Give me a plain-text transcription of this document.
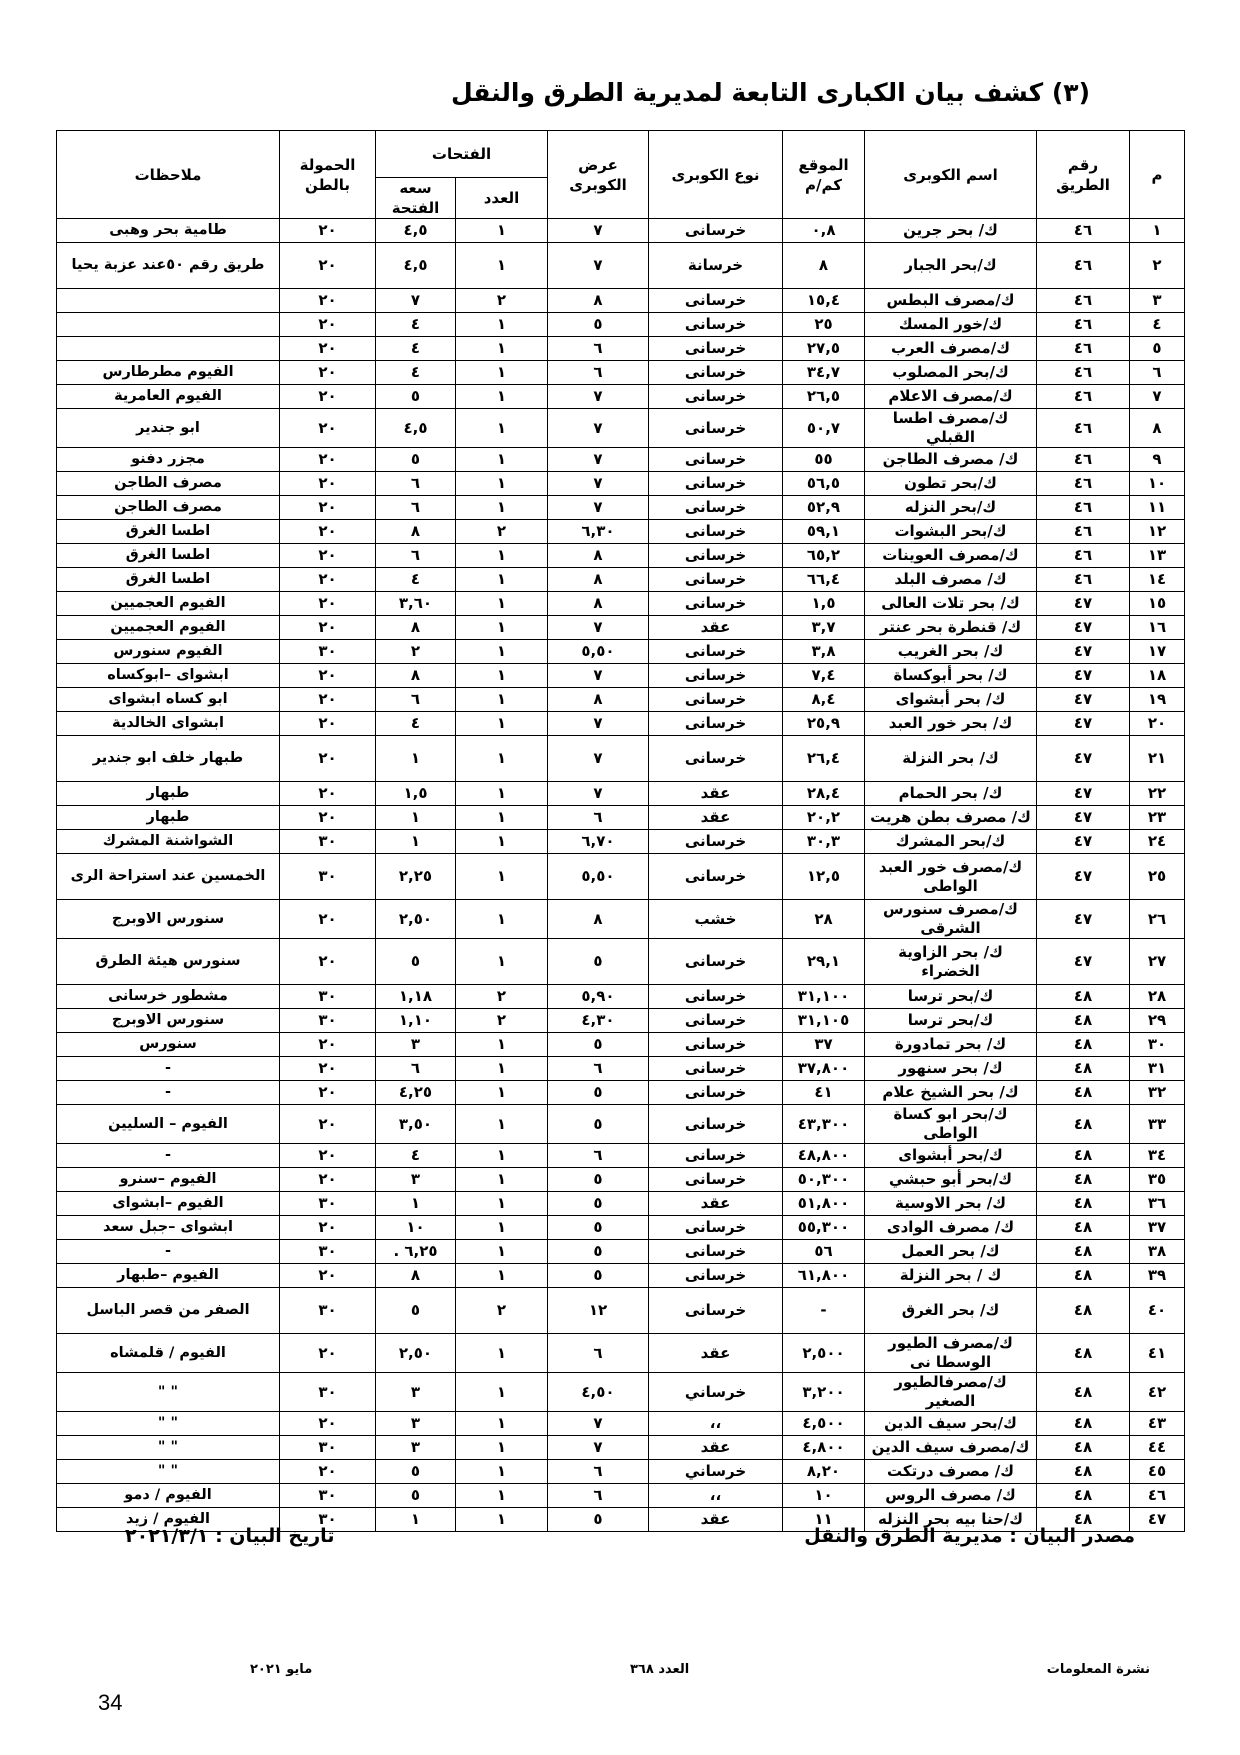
(٣) كشف بيان الكبارى التابعة لمديرية الطرق والنقل
م	رقم الطريق	اسم الكوبرى	الموقع كم/م	نوع الكوبرى	عرض الكوبرى	الفتحات		الحمولة بالطن	ملاحظات
						العدد	سعه الفتحة		
١	٤٦	ك/ بحر جرين	٠,٨	خرسانى	٧	١	٤,٥	٢٠	طامية بحر وهبى
٢	٤٦	ك/بحر الجبار	٨	خرسانة	٧	١	٤,٥	٢٠	طريق رقم ٥٠عند عزبة يحيا
٣	٤٦	ك/مصرف البطس	١٥,٤	خرسانى	٨	٢	٧	٢٠	
٤	٤٦	ك/خور المسك	٢٥	خرسانى	٥	١	٤	٢٠	
٥	٤٦	ك/مصرف العرب	٢٧,٥	خرسانى	٦	١	٤	٢٠	
٦	٤٦	ك/بحر المصلوب	٣٤,٧	خرسانى	٦	١	٤	٢٠	الفيوم مطرطارس
٧	٤٦	ك/مصرف الاعلام	٢٦,٥	خرسانى	٧	١	٥	٢٠	الفيوم العامرية
٨	٤٦	ك/مصرف اطسا القبلي	٥٠,٧	خرسانى	٧	١	٤,٥	٢٠	ابو جندير
٩	٤٦	ك/ مصرف الطاجن	٥٥	خرسانى	٧	١	٥	٢٠	مجزر دفنو
١٠	٤٦	ك/بحر تطون	٥٦,٥	خرسانى	٧	١	٦	٢٠	مصرف الطاجن
١١	٤٦	ك/بحر النزله	٥٢,٩	خرسانى	٧	١	٦	٢٠	مصرف الطاجن
١٢	٤٦	ك/بحر البشوات	٥٩,١	خرسانى	٦,٣٠	٢	٨	٢٠	اطسا الغرق
١٣	٤٦	ك/مصرف العوينات	٦٥,٢	خرسانى	٨	١	٦	٢٠	اطسا الغرق
١٤	٤٦	ك/ مصرف البلد	٦٦,٤	خرسانى	٨	١	٤	٢٠	اطسا الغرق
١٥	٤٧	ك/ بحر تلات العالى	١,٥	خرسانى	٨	١	٣,٦٠	٢٠	الفيوم العجميين
١٦	٤٧	ك/ قنطرة بحر عنتر	٣,٧	عقد	٧	١	٨	٢٠	الفيوم العجميين
١٧	٤٧	ك/ بحر الغريب	٣,٨	خرسانى	٥,٥٠	١	٢	٣٠	الفيوم سنورس
١٨	٤٧	ك/ بحر أبوكساة	٧,٤	خرسانى	٧	١	٨	٢٠	ابشواى –ابوكساه
١٩	٤٧	ك/ بحر أبشواى	٨,٤	خرسانى	٨	١	٦	٢٠	ابو كساه ابشواى
٢٠	٤٧	ك/ بحر خور العبد	٢٥,٩	خرسانى	٧	١	٤	٢٠	ابشواى الخالدية
٢١	٤٧	ك/ بحر النزلة	٢٦,٤	خرسانى	٧	١	١	٢٠	طبهار خلف ابو جندير
٢٢	٤٧	ك/ بحر الحمام	٢٨,٤	عقد	٧	١	١,٥	٢٠	طبهار
٢٣	٤٧	ك/ مصرف بطن هريت	٢٠,٢	عقد	٦	١	١	٢٠	طبهار
٢٤	٤٧	ك/بحر المشرك	٣٠,٣	خرسانى	٦,٧٠	١	١	٣٠	الشواشنة المشرك
٢٥	٤٧	ك/مصرف خور العبد الواطى	١٢,٥	خرسانى	٥,٥٠	١	٢,٢٥	٣٠	الخمسين عند استراحة الرى
٢٦	٤٧	ك/مصرف سنورس الشرقى	٢٨	خشب	٨	١	٢,٥٠	٢٠	سنورس الاوبرج
٢٧	٤٧	ك/ بحر الزاوية الخضراء	٢٩,١	خرسانى	٥	١	٥	٢٠	سنورس هيئة الطرق
٢٨	٤٨	ك/بحر ترسا	٣١,١٠٠	خرسانى	٥,٩٠	٢	١,١٨	٣٠	مشطور خرسانى
٢٩	٤٨	ك/بحر ترسا	٣١,١٠٥	خرسانى	٤,٣٠	٢	١,١٠	٣٠	سنورس الاوبرج
٣٠	٤٨	ك/ بحر تمادورة	٣٧	خرسانى	٥	١	٣	٢٠	سنورس
٣١	٤٨	ك/ بحر سنهور	٣٧,٨٠٠	خرسانى	٦	١	٦	٢٠	-
٣٢	٤٨	ك/ بحر الشيخ علام	٤١	خرسانى	٥	١	٤,٢٥	٢٠	-
٣٣	٤٨	ك/بحر ابو كساة الواطى	٤٣,٣٠٠	خرسانى	٥	١	٣,٥٠	٢٠	الفيوم – السليين
٣٤	٤٨	ك/بحر أبشواى	٤٨,٨٠٠	خرسانى	٦	١	٤	٢٠	-
٣٥	٤٨	ك/بحر أبو حبشي	٥٠,٣٠٠	خرسانى	٥	١	٣	٢٠	الفيوم –سنرو
٣٦	٤٨	ك/ بحر الاوسية	٥١,٨٠٠	عقد	٥	١	١	٣٠	الفيوم –ابشواى
٣٧	٤٨	ك/ مصرف الوادى	٥٥,٣٠٠	خرسانى	٥	١	١٠	٢٠	ابشواى –جبل سعد
٣٨	٤٨	ك/ بحر العمل	٥٦	خرسانى	٥	١	٦,٢٥ .	٣٠	-
٣٩	٤٨	ك / بحر النزلة	٦١,٨٠٠	خرسانى	٥	١	٨	٢٠	الفيوم –طبهار
٤٠	٤٨	ك/ بحر الغرق	-	خرسانى	١٢	٢	٥	٣٠	الصفر من قصر الباسل
٤١	٤٨	ك/مصرف الطيور الوسطا نى	٢,٥٠٠	عقد	٦	١	٢,٥٠	٢٠	الفيوم / قلمشاه
٤٢	٤٨	ك/مصرفالطيور الصغير	٣,٢٠٠	خرساني	٤,٥٠	١	٣	٣٠	" "
٤٣	٤٨	ك/بحر سيف الدين	٤,٥٠٠	،،	٧	١	٣	٢٠	" "
٤٤	٤٨	ك/مصرف سيف الدين	٤,٨٠٠	عقد	٧	١	٣	٣٠	" "
٤٥	٤٨	ك/ مصرف درتكت	٨,٢٠	خرساني	٦	١	٥	٢٠	" "
٤٦	٤٨	ك/ مصرف الروس	١٠	،،	٦	١	٥	٣٠	الفيوم / دمو
٤٧	٤٨	ك/حنا بيه بحر النزله	١١	عقد	٥	١	١	٣٠	الفيوم / زيد
مصدر البيان : مديرية الطرق والنقل
تاريخ البيان : ٢٠٢١/٣/١
نشرة المعلومات
العدد ٣٦٨
مايو ٢٠٢١
34
